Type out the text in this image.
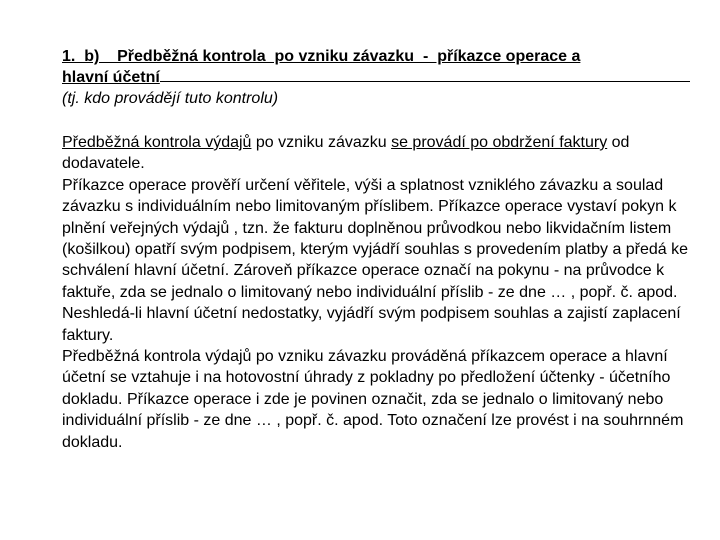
1.  b)    Předběžná kontrola  po vzniku závazku  -  příkazce operace a
hlavní účetní

(tj. kdo provádějí tuto kontrolu)

Předběžná kontrola výdajů po vzniku závazku se provádí po obdržení faktury od dodavatele.

Příkazce operace prověří určení věřitele, výši a splatnost vzniklého závazku a soulad závazku s individuálním nebo limitovaným příslibem. Příkazce operace vystaví pokyn k plnění veřejných výdajů , tzn. že fakturu doplněnou průvodkou nebo likvidačním listem (košilkou) opatří svým podpisem, kterým vyjádří souhlas s provedením platby a předá ke schválení hlavní účetní. Zároveň příkazce operace označí na pokynu - na průvodce k faktuře, zda se jednalo o limitovaný nebo individuální příslib - ze dne … , popř. č. apod.

Neshledá-li hlavní účetní nedostatky, vyjádří svým podpisem souhlas a zajistí zaplacení faktury.

Předběžná kontrola výdajů po vzniku závazku prováděná příkazcem operace a hlavní účetní se vztahuje i na hotovostní úhrady z pokladny po předložení účtenky - účetního dokladu. Příkazce operace i zde je povinen označit, zda se jednalo o limitovaný nebo individuální příslib - ze dne … , popř. č. apod. Toto označení lze provést i na souhrnném dokladu.
